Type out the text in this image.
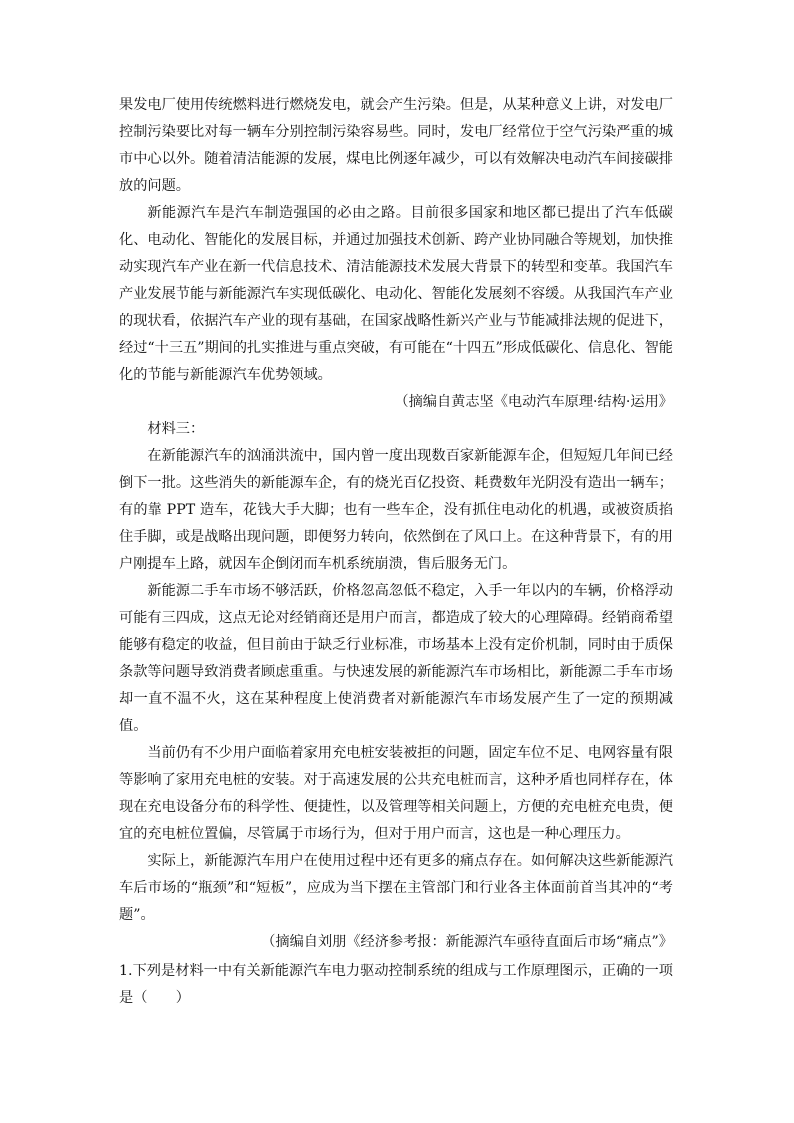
果发电厂使用传统燃料进行燃烧发电，就会产生污染。但是，从某种意义上讲，对发电厂控制污染要比对每一辆车分别控制污染容易些。同时，发电厂经常位于空气污染严重的城市中心以外。随着清洁能源的发展，煤电比例逐年减少，可以有效解决电动汽车间接碳排放的问题。

新能源汽车是汽车制造强国的必由之路。目前很多国家和地区都已提出了汽车低碳化、电动化、智能化的发展目标，并通过加强技术创新、跨产业协同融合等规划，加快推动实现汽车产业在新一代信息技术、清洁能源技术发展大背景下的转型和变革。我国汽车产业发展节能与新能源汽车实现低碳化、电动化、智能化发展刻不容缓。从我国汽车产业的现状看，依据汽车产业的现有基础，在国家战略性新兴产业与节能减排法规的促进下，经过“十三五”期间的扎实推进与重点突破，有可能在“十四五”形成低碳化、信息化、智能化的节能与新能源汽车优势领域。

（摘编自黄志坚《电动汽车原理·结构·运用》

材料三：

在新能源汽车的汹涌洪流中，国内曾一度出现数百家新能源车企，但短短几年间已经倒下一批。这些消失的新能源车企，有的烧光百亿投资、耗费数年光阴没有造出一辆车；有的靠 PPT 造车，花钱大手大脚；也有一些车企，没有抓住电动化的机遇，或被资质掐住手脚，或是战略出现问题，即便努力转向，依然倒在了风口上。在这种背景下，有的用户刚提车上路，就因车企倒闭而车机系统崩溃，售后服务无门。

新能源二手车市场不够活跃，价格忽高忽低不稳定，入手一年以内的车辆，价格浮动可能有三四成，这点无论对经销商还是用户而言，都造成了较大的心理障碍。经销商希望能够有稳定的收益，但目前由于缺乏行业标准，市场基本上没有定价机制，同时由于质保条款等问题导致消费者顾虑重重。与快速发展的新能源汽车市场相比，新能源二手车市场却一直不温不火，这在某种程度上使消费者对新能源汽车市场发展产生了一定的预期减值。

当前仍有不少用户面临着家用充电桩安装被拒的问题，固定车位不足、电网容量有限等影响了家用充电桩的安装。对于高速发展的公共充电桩而言，这种矛盾也同样存在，体现在充电设备分布的科学性、便捷性，以及管理等相关问题上，方便的充电桩充电贵，便宜的充电桩位置偏，尽管属于市场行为，但对于用户而言，这也是一种心理压力。

实际上，新能源汽车用户在使用过程中还有更多的痛点存在。如何解决这些新能源汽车后市场的“瓶颈”和“短板”，应成为当下摆在主管部门和行业各主体面前首当其冲的“考题”。

（摘编自刘朋《经济参考报：新能源汽车亟待直面后市场“痛点”》

1.下列是材料一中有关新能源汽车电力驱动控制系统的组成与工作原理图示，正确的一项是（　　）
